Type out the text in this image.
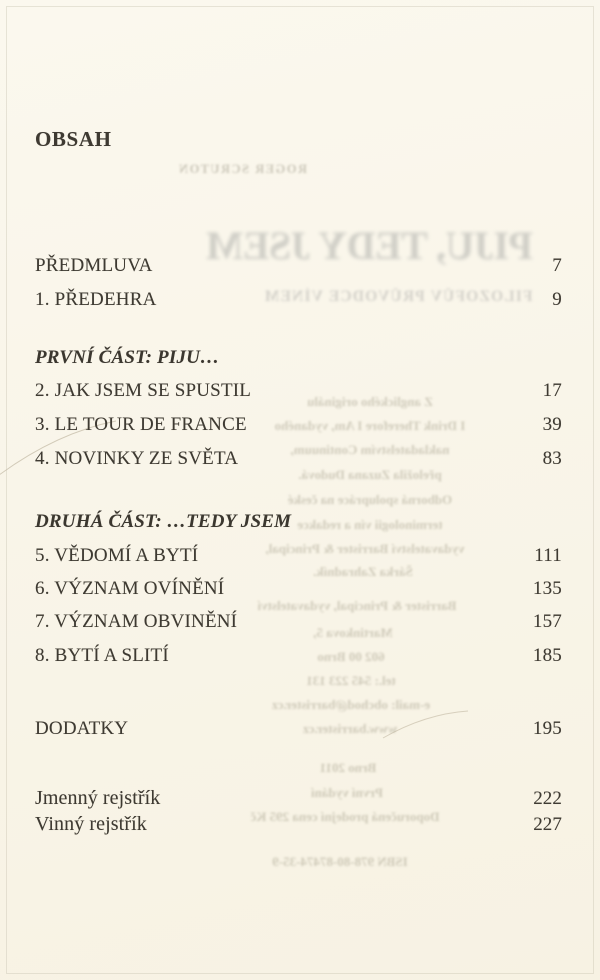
ROGER SCRUTON
PIJU, TEDY JSEM
FILOZOFŮV PRŮVODCE VÍNEM
Z anglického originálu
I Drink Therefore I Am, vydaného
nakladatelstvím Continuum,
přeložila Zuzana Dudová.
Odborná spolupráce na české
terminologii vín a redakce
vydavatelství Barrister & Principal,
Šárka Zahradník.
Barrister & Principal, vydavatelství
Martinkova 5,
602 00 Brno
tel.: 545 223 131
e-mail: obchod@barrister.cz
www.barrister.cz
Brno 2011
První vydání
Doporučená prodejní cena 295 Kč
ISBN 978-80-87474-35-9
OBSAH
PŘEDMLUVA	7
1. PŘEDEHRA	9
PRVNÍ ČÁST: PIJU…
2. JAK JSEM SE SPUSTIL	17
3. LE TOUR DE FRANCE	39
4. NOVINKY ZE SVĚTA	83
DRUHÁ ČÁST: …TEDY JSEM
5. VĚDOMÍ A BYTÍ	111
6. VÝZNAM OVÍNĚNÍ	135
7. VÝZNAM OBVINĚNÍ	157
8. BYTÍ A SLITÍ	185
DODATKY	195
Jmenný rejstřík	222
Vinný rejstřík	227
